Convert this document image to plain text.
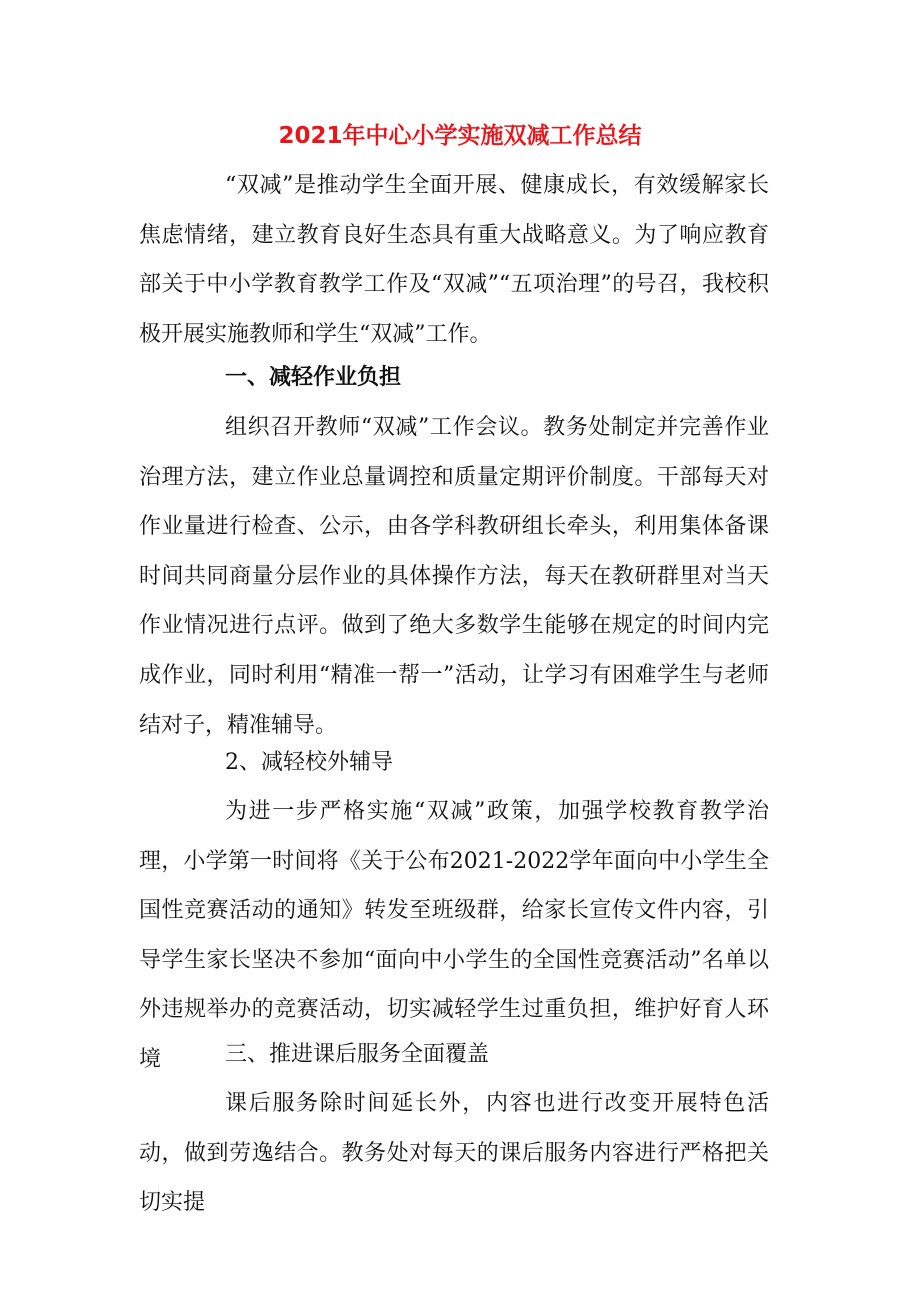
2021年中心小学实施双减工作总结

“双减”是推动学生全面开展、健康成长，有效缓解家长焦虑情绪，建立教育良好生态具有重大战略意义。为了响应教育部关于中小学教育教学工作及“双减”“五项治理”的号召，我校积极开展实施教师和学生“双减”工作。

一、减轻作业负担

组织召开教师“双减”工作会议。教务处制定并完善作业治理方法，建立作业总量调控和质量定期评价制度。干部每天对作业量进行检查、公示，由各学科教研组长牵头，利用集体备课时间共同商量分层作业的具体操作方法，每天在教研群里对当天作业情况进行点评。做到了绝大多数学生能够在规定的时间内完成作业，同时利用“精准一帮一”活动，让学习有困难学生与老师结对子，精准辅导。

2、减轻校外辅导

为进一步严格实施“双减”政策，加强学校教育教学治理，小学第一时间将《关于公布2021-2022学年面向中小学生全国性竞赛活动的通知》转发至班级群，给家长宣传文件内容，引导学生家长坚决不参加“面向中小学生的全国性竞赛活动”名单以外违规举办的竞赛活动，切实减轻学生过重负担，维护好育人环境	三、推进课后服务全面覆盖

课后服务除时间延长外，内容也进行改变开展特色活动，做到劳逸结合。教务处对每天的课后服务内容进行严格把关切实提
